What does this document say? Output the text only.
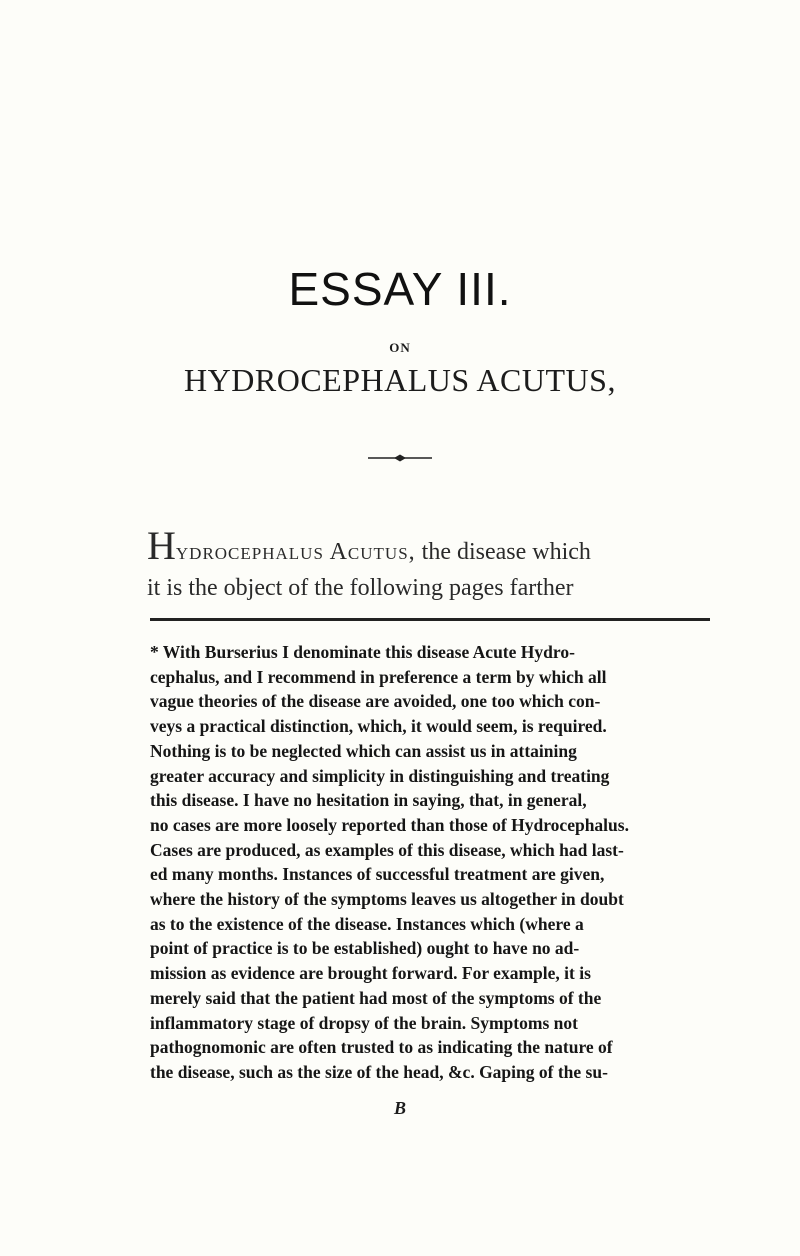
ESSAY III.
ON
HYDROCEPHALUS ACUTUS,
Hydrocephalus Acutus, the disease which
it is the object of the following pages farther
* With Burserius I denominate this disease Acute Hydro-
cephalus, and I recommend in preference a term by which all
vague theories of the disease are avoided, one too which con-
veys a practical distinction, which, it would seem, is required.
Nothing is to be neglected which can assist us in attaining
greater accuracy and simplicity in distinguishing and treating
this disease. I have no hesitation in saying, that, in general,
no cases are more loosely reported than those of Hydrocephalus.
Cases are produced, as examples of this disease, which had last-
ed many months. Instances of successful treatment are given,
where the history of the symptoms leaves us altogether in doubt
as to the existence of the disease. Instances which (where a
point of practice is to be established) ought to have no ad-
mission as evidence are brought forward. For example, it is
merely said that the patient had most of the symptoms of the
inflammatory stage of dropsy of the brain. Symptoms not
pathognomonic are often trusted to as indicating the nature of
the disease, such as the size of the head, &c. Gaping of the su-
B
